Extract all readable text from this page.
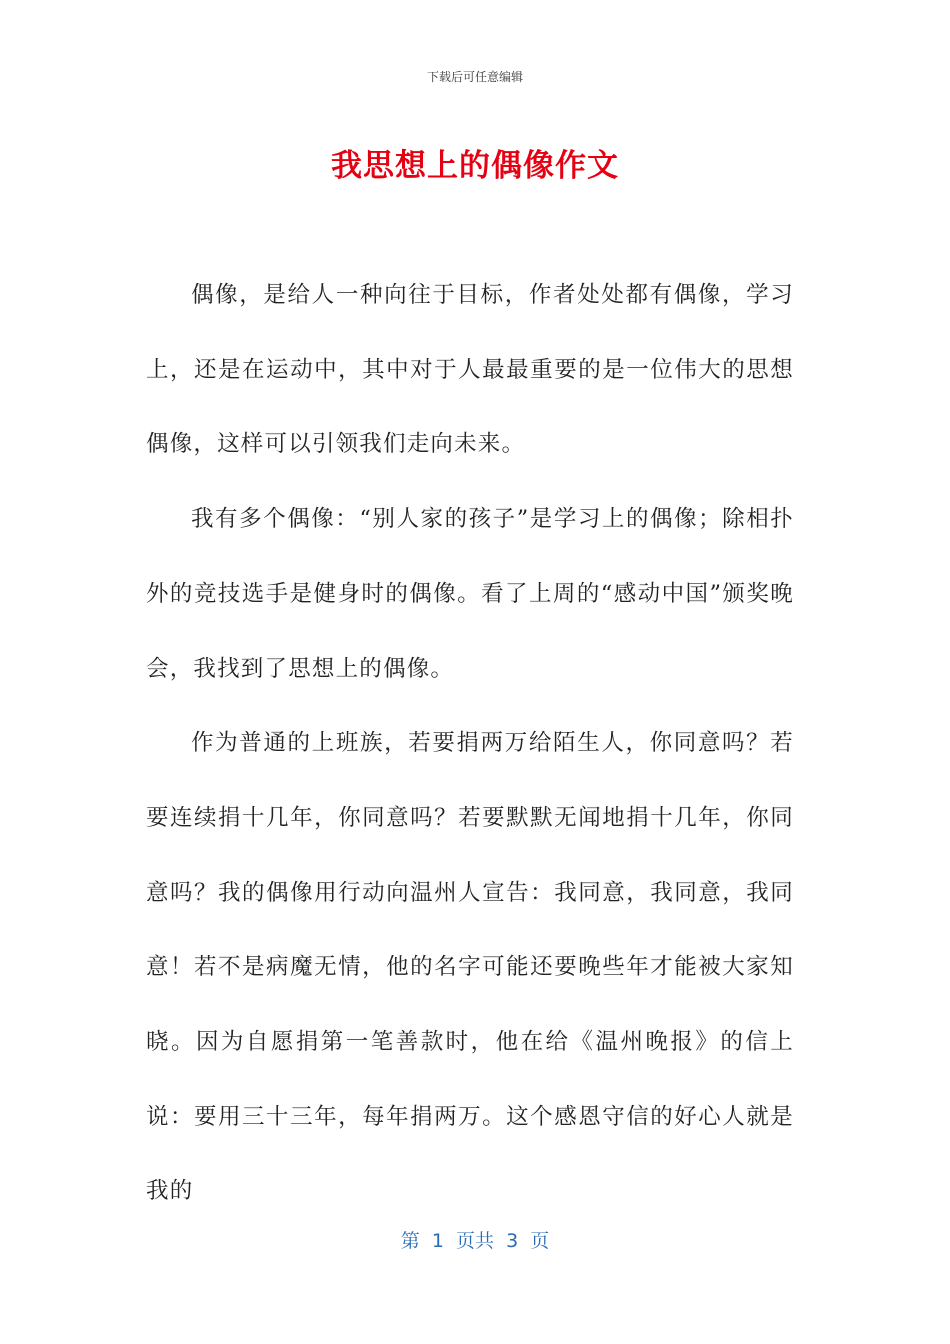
下载后可任意编辑
我思想上的偶像作文

偶像，是给人一种向往于目标，作者处处都有偶像，学习上，还是在运动中，其中对于人最最重要的是一位伟大的思想偶像，这样可以引领我们走向未来。

我有多个偶像：“别人家的孩子”是学习上的偶像；除相扑外的竞技选手是健身时的偶像。看了上周的“感动中国”颁奖晚会，我找到了思想上的偶像。

作为普通的上班族，若要捐两万给陌生人，你同意吗？若要连续捐十几年，你同意吗？若要默默无闻地捐十几年，你同意吗？我的偶像用行动向温州人宣告：我同意，我同意，我同意！若不是病魔无情，他的名字可能还要晚些年才能被大家知晓。因为自愿捐第一笔善款时，他在给《温州晚报》的信上说：要用三十三年，每年捐两万。这个感恩守信的好心人就是我的

第  1  页共  3  页
